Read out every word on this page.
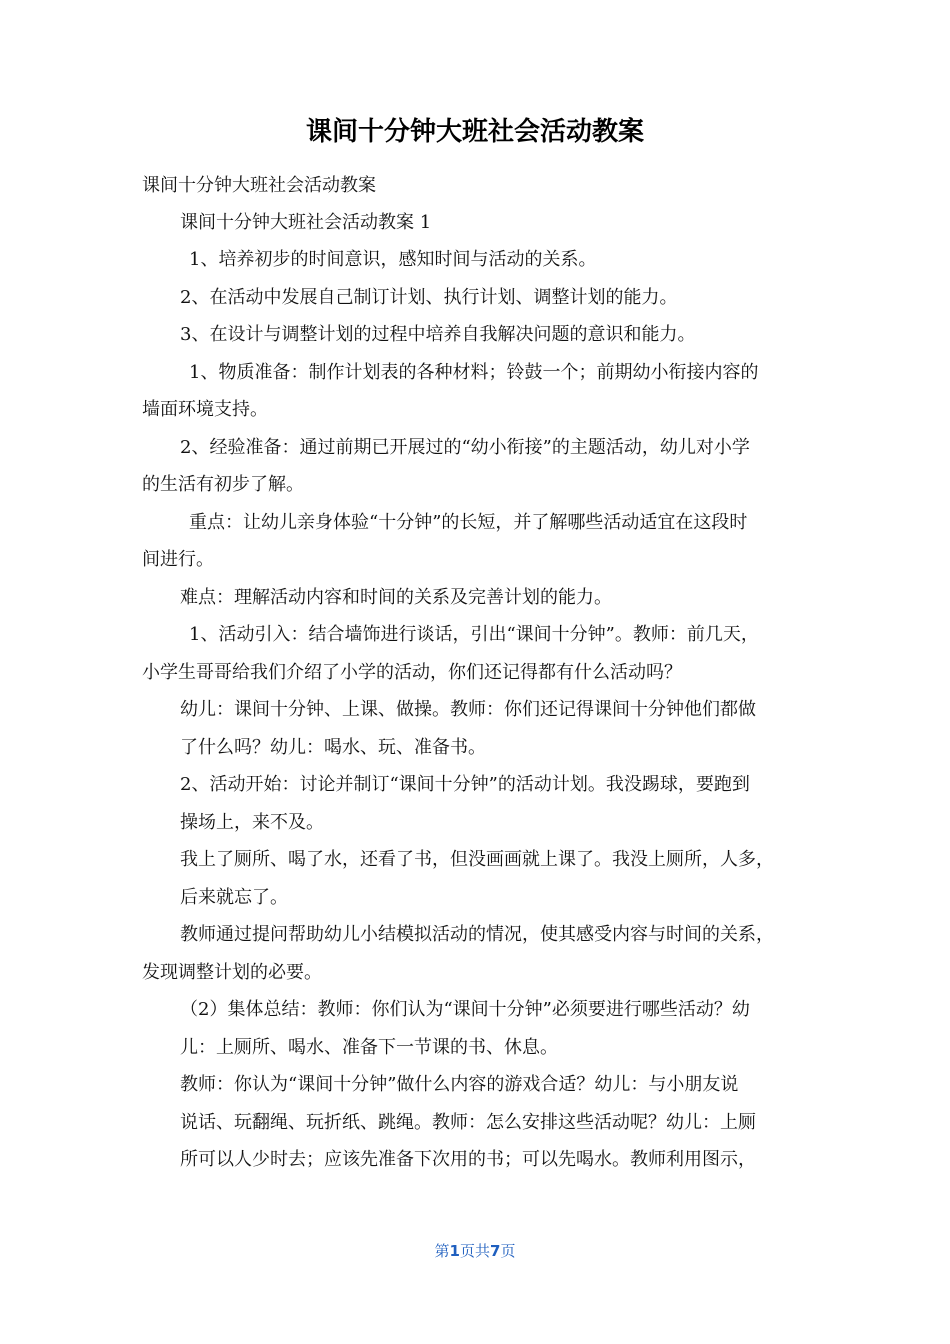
课间十分钟大班社会活动教案
课间十分钟大班社会活动教案
课间十分钟大班社会活动教案 1
1、培养初步的时间意识，感知时间与活动的关系。
2、在活动中发展自己制订计划、执行计划、调整计划的能力。
3、在设计与调整计划的过程中培养自我解决问题的意识和能力。
1、物质准备：制作计划表的各种材料；铃鼓一个；前期幼小衔接内容的
墙面环境支持。
2、经验准备：通过前期已开展过的“幼小衔接”的主题活动，幼儿对小学
的生活有初步了解。
重点：让幼儿亲身体验“十分钟”的长短，并了解哪些活动适宜在这段时
间进行。
难点：理解活动内容和时间的关系及完善计划的能力。
1、活动引入：结合墙饰进行谈话，引出“课间十分钟”。教师：前几天，
小学生哥哥给我们介绍了小学的活动，你们还记得都有什么活动吗？
幼儿：课间十分钟、上课、做操。教师：你们还记得课间十分钟他们都做
了什么吗？幼儿：喝水、玩、准备书。
2、活动开始：讨论并制订“课间十分钟”的活动计划。我没踢球，要跑到
操场上，来不及。
我上了厕所、喝了水，还看了书，但没画画就上课了。我没上厕所，人多，
后来就忘了。
教师通过提问帮助幼儿小结模拟活动的情况，使其感受内容与时间的关系，
发现调整计划的必要。
（2）集体总结：教师：你们认为“课间十分钟”必须要进行哪些活动？幼
儿：上厕所、喝水、准备下一节课的书、休息。
教师：你认为“课间十分钟”做什么内容的游戏合适？幼儿：与小朋友说
说话、玩翻绳、玩折纸、跳绳。教师：怎么安排这些活动呢？幼儿：上厕
所可以人少时去；应该先准备下次用的书；可以先喝水。教师利用图示，
第1页共7页
